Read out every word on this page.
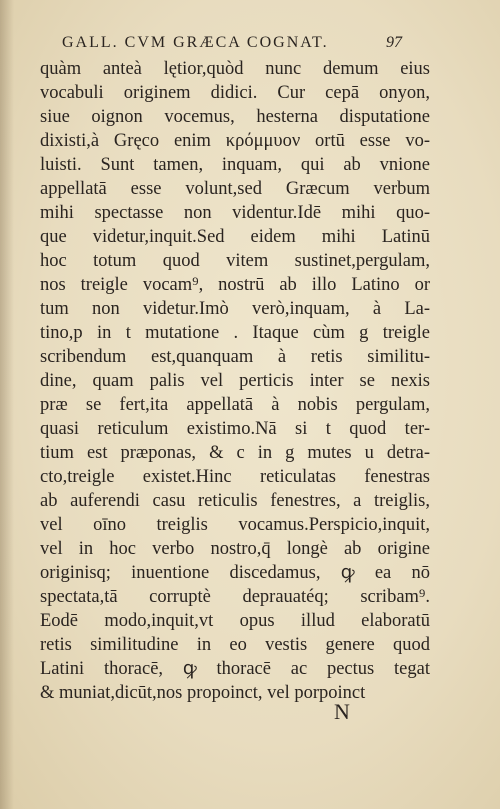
GALL. CVM GRÆCA COGNAT.	97
quàm anteà lętior,quòd nunc demum eius
vocabuli originem didici. Cur cepā onyon,
siue oignon vocemus, hesterna disputatione
dixisti,à Gręco enim κρόμμυον ortū esse vo-
luisti. Sunt tamen, inquam, qui ab vnione
appellatā esse volunt,sed Græcum verbum
mihi spectasse non videntur.Idē mihi quo-
que videtur,inquit.Sed eidem mihi Latinū
hoc totum quod vitem sustinet,pergulam,
nos treigle vocam⁹, nostrū ab illo Latino or
tum non videtur.Imò verò,inquam, à La-
tino,p in t mutatione . Itaque cùm g treigle
scribendum est,quanquam à retis similitu-
dine, quam palis vel perticis inter se nexis
præ se fert,ita appellatā à nobis pergulam,
quasi reticulum existimo.Nā si t quod ter-
tium est præponas, & c in g mutes u detra-
cto,treigle existet.Hinc reticulatas fenestras
ab auferendi casu reticulis fenestres, a treiglis,
vel oīno treiglis vocamus.Perspicio,inquit,
vel in hoc verbo nostro,q̄ longè ab origine
originisq; inuentione discedamus, ꝙ ea nō
spectata,tā corruptè deprauatéq; scribam⁹.
Eodē modo,inquit,vt opus illud elaboratū
retis similitudine in eo vestis genere quod
Latini thoracē, ꝙ thoracē ac pectus tegat
& muniat,dicūt,nos propoinct, vel porpoinct
N
